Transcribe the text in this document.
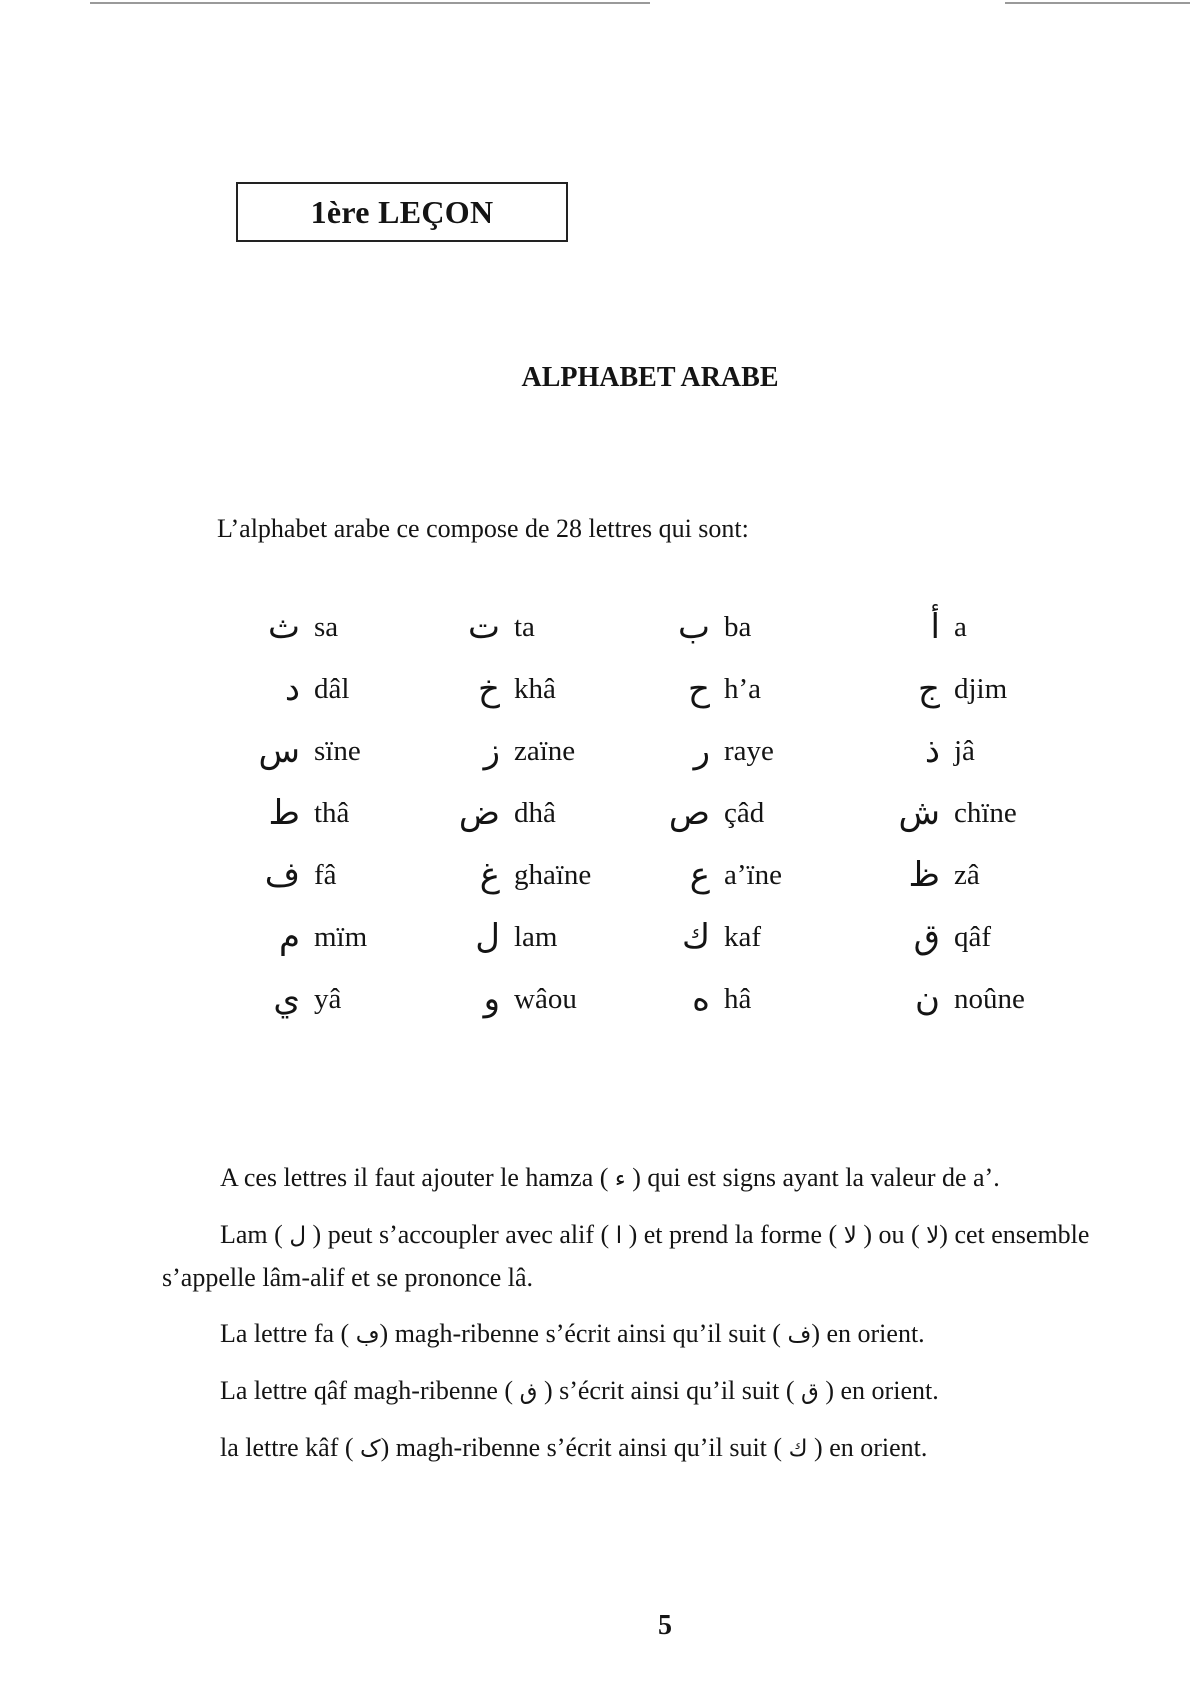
1ère LEÇON
ALPHABET ARABE
L’alphabet arabe ce compose de 28 lettres qui sont:
ث sa	ت ta	ب ba	أ a
د dâl	خ khâ	ح h’a	ج djim
س sïne	ز zaïne	ر raye	ذ jâ
ط thâ	ض dhâ	ص çâd	ش chïne
ف fâ	غ ghaïne	ع a’ïne	ظ zâ
م mïm	ل lam	ك kaf	ق qâf
ي yâ	و wâou	ه hâ	ن noûne

A ces lettres il faut ajouter le hamza ( ء ) qui est signs ayant la valeur de a’.

Lam ( ل ) peut s’accoupler avec alif ( ا ) et prend la forme ( لا ) ou ( لا) cet ensemble s’appelle lâm-alif et se prononce lâ.

La lettre fa ( ڢ) magh-ribenne s’écrit ainsi qu’il suit ( ف) en orient.

La lettre qâf magh-ribenne ( ڧ ) s’écrit ainsi qu’il suit ( ق ) en orient.

la lettre kâf ( ک) magh-ribenne s’écrit ainsi qu’il suit ( ك ) en orient.

5
